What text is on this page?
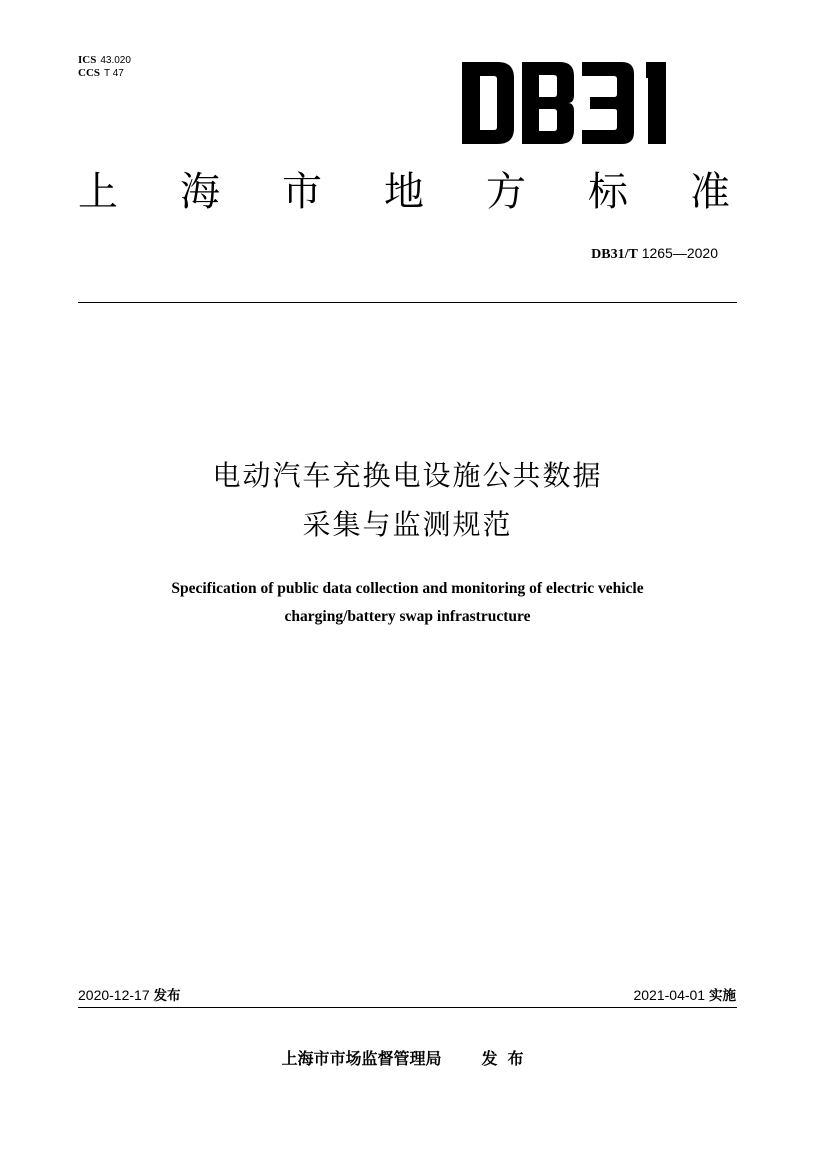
ICS 43.020
CCS T 47
上 海 市 地 方 标 准
DB31/T 1265—2020
电动汽车充换电设施公共数据
采集与监测规范
Specification of public data collection and monitoring of electric vehicle
charging/battery swap infrastructure
2020-12-17 发布	2021-04-01 实施
上海市市场监督管理局	发布
